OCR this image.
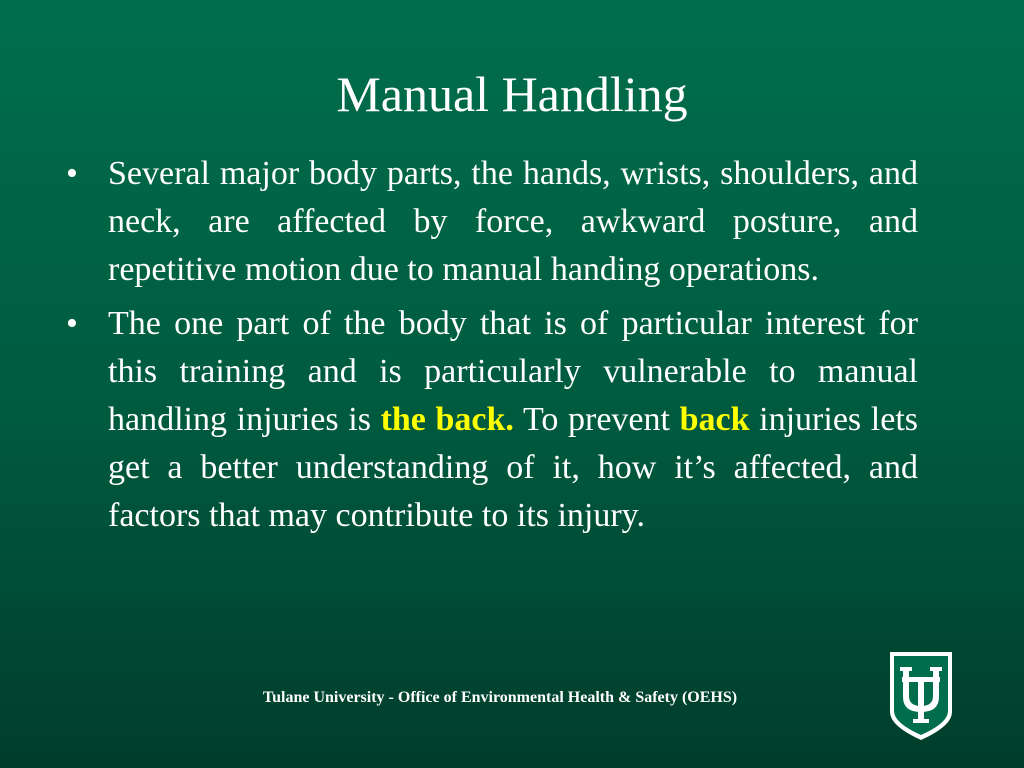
Manual Handling
• Several major body parts, the hands, wrists, shoulders, and neck, are affected by force, awkward posture, and repetitive motion due to manual handing operations.
• The one part of the body that is of particular interest for this training and is particularly vulnerable to manual handling injuries is the back. To prevent back injuries lets get a better understanding of it, how it’s affected, and factors that may contribute to its injury.
Tulane University - Office of Environmental Health & Safety (OEHS)
